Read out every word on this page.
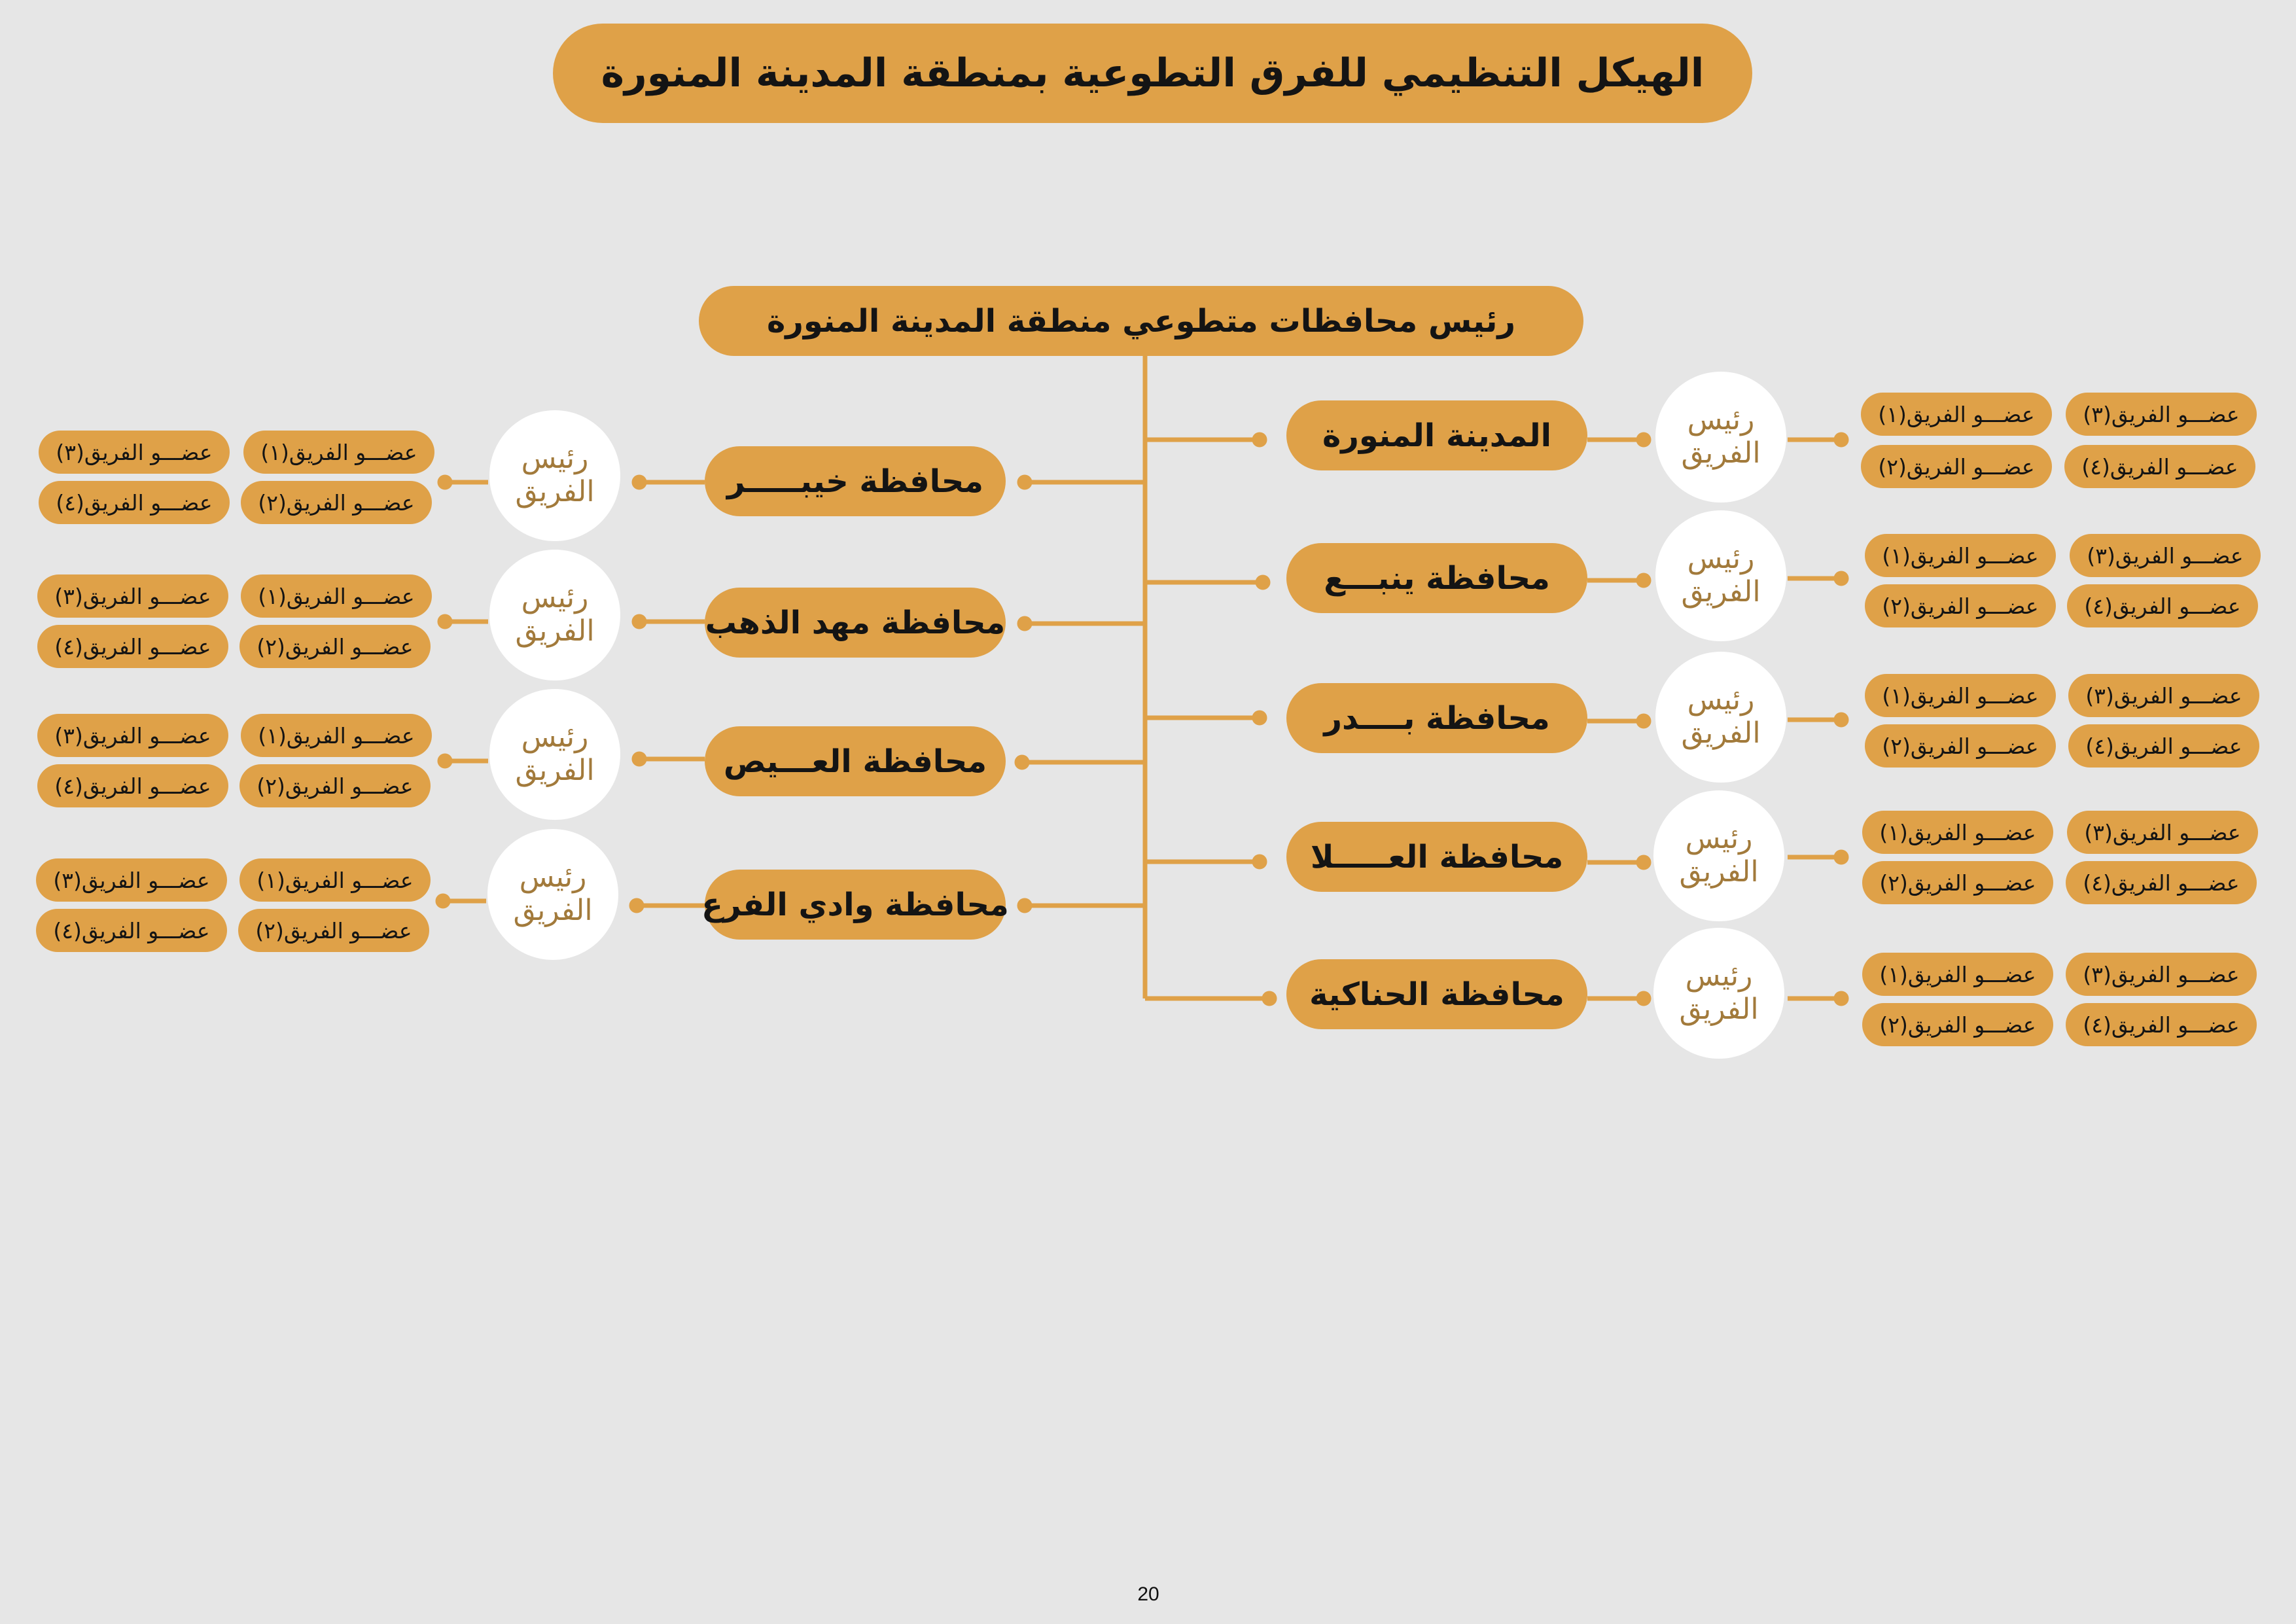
الهيكل التنظيمي للفرق التطوعية بمنطقة المدينة المنورة
رئيس محافظات متطوعي منطقة المدينة المنورة
المدينة المنورة
محافظة ينبـــع
محافظة بــــدر
محافظة العـــــلا
محافظة الحناكية
رئيس
الفريق
رئيس
الفريق
رئيس
الفريق
رئيس
الفريق
رئيس
الفريق
عضـــو الفريق(١)	عضـــو الفريق(٣)
عضـــو الفريق(٢)	عضـــو الفريق(٤)
عضـــو الفريق(١)	عضـــو الفريق(٣)
عضـــو الفريق(٢)	عضـــو الفريق(٤)
عضـــو الفريق(١)	عضـــو الفريق(٣)
عضـــو الفريق(٢)	عضـــو الفريق(٤)
عضـــو الفريق(١)	عضـــو الفريق(٣)
عضـــو الفريق(٢)	عضـــو الفريق(٤)
عضـــو الفريق(١)	عضـــو الفريق(٣)
عضـــو الفريق(٢)	عضـــو الفريق(٤)
محافظة خيبـــــر
محافظة مهد الذهب
محافظة العـــيص
محافظة وادي الفرع
رئيس
الفريق
رئيس
الفريق
رئيس
الفريق
رئيس
الفريق
عضـــو الفريق(١)
عضـــو الفريق(٣)
عضـــو الفريق(٢)
عضـــو الفريق(٤)
عضـــو الفريق(١)
عضـــو الفريق(٣)
عضـــو الفريق(٢)
عضـــو الفريق(٤)
عضـــو الفريق(١)
عضـــو الفريق(٣)
عضـــو الفريق(٢)
عضـــو الفريق(٤)
عضـــو الفريق(١)
عضـــو الفريق(٣)
عضـــو الفريق(٢)
عضـــو الفريق(٤)
20
